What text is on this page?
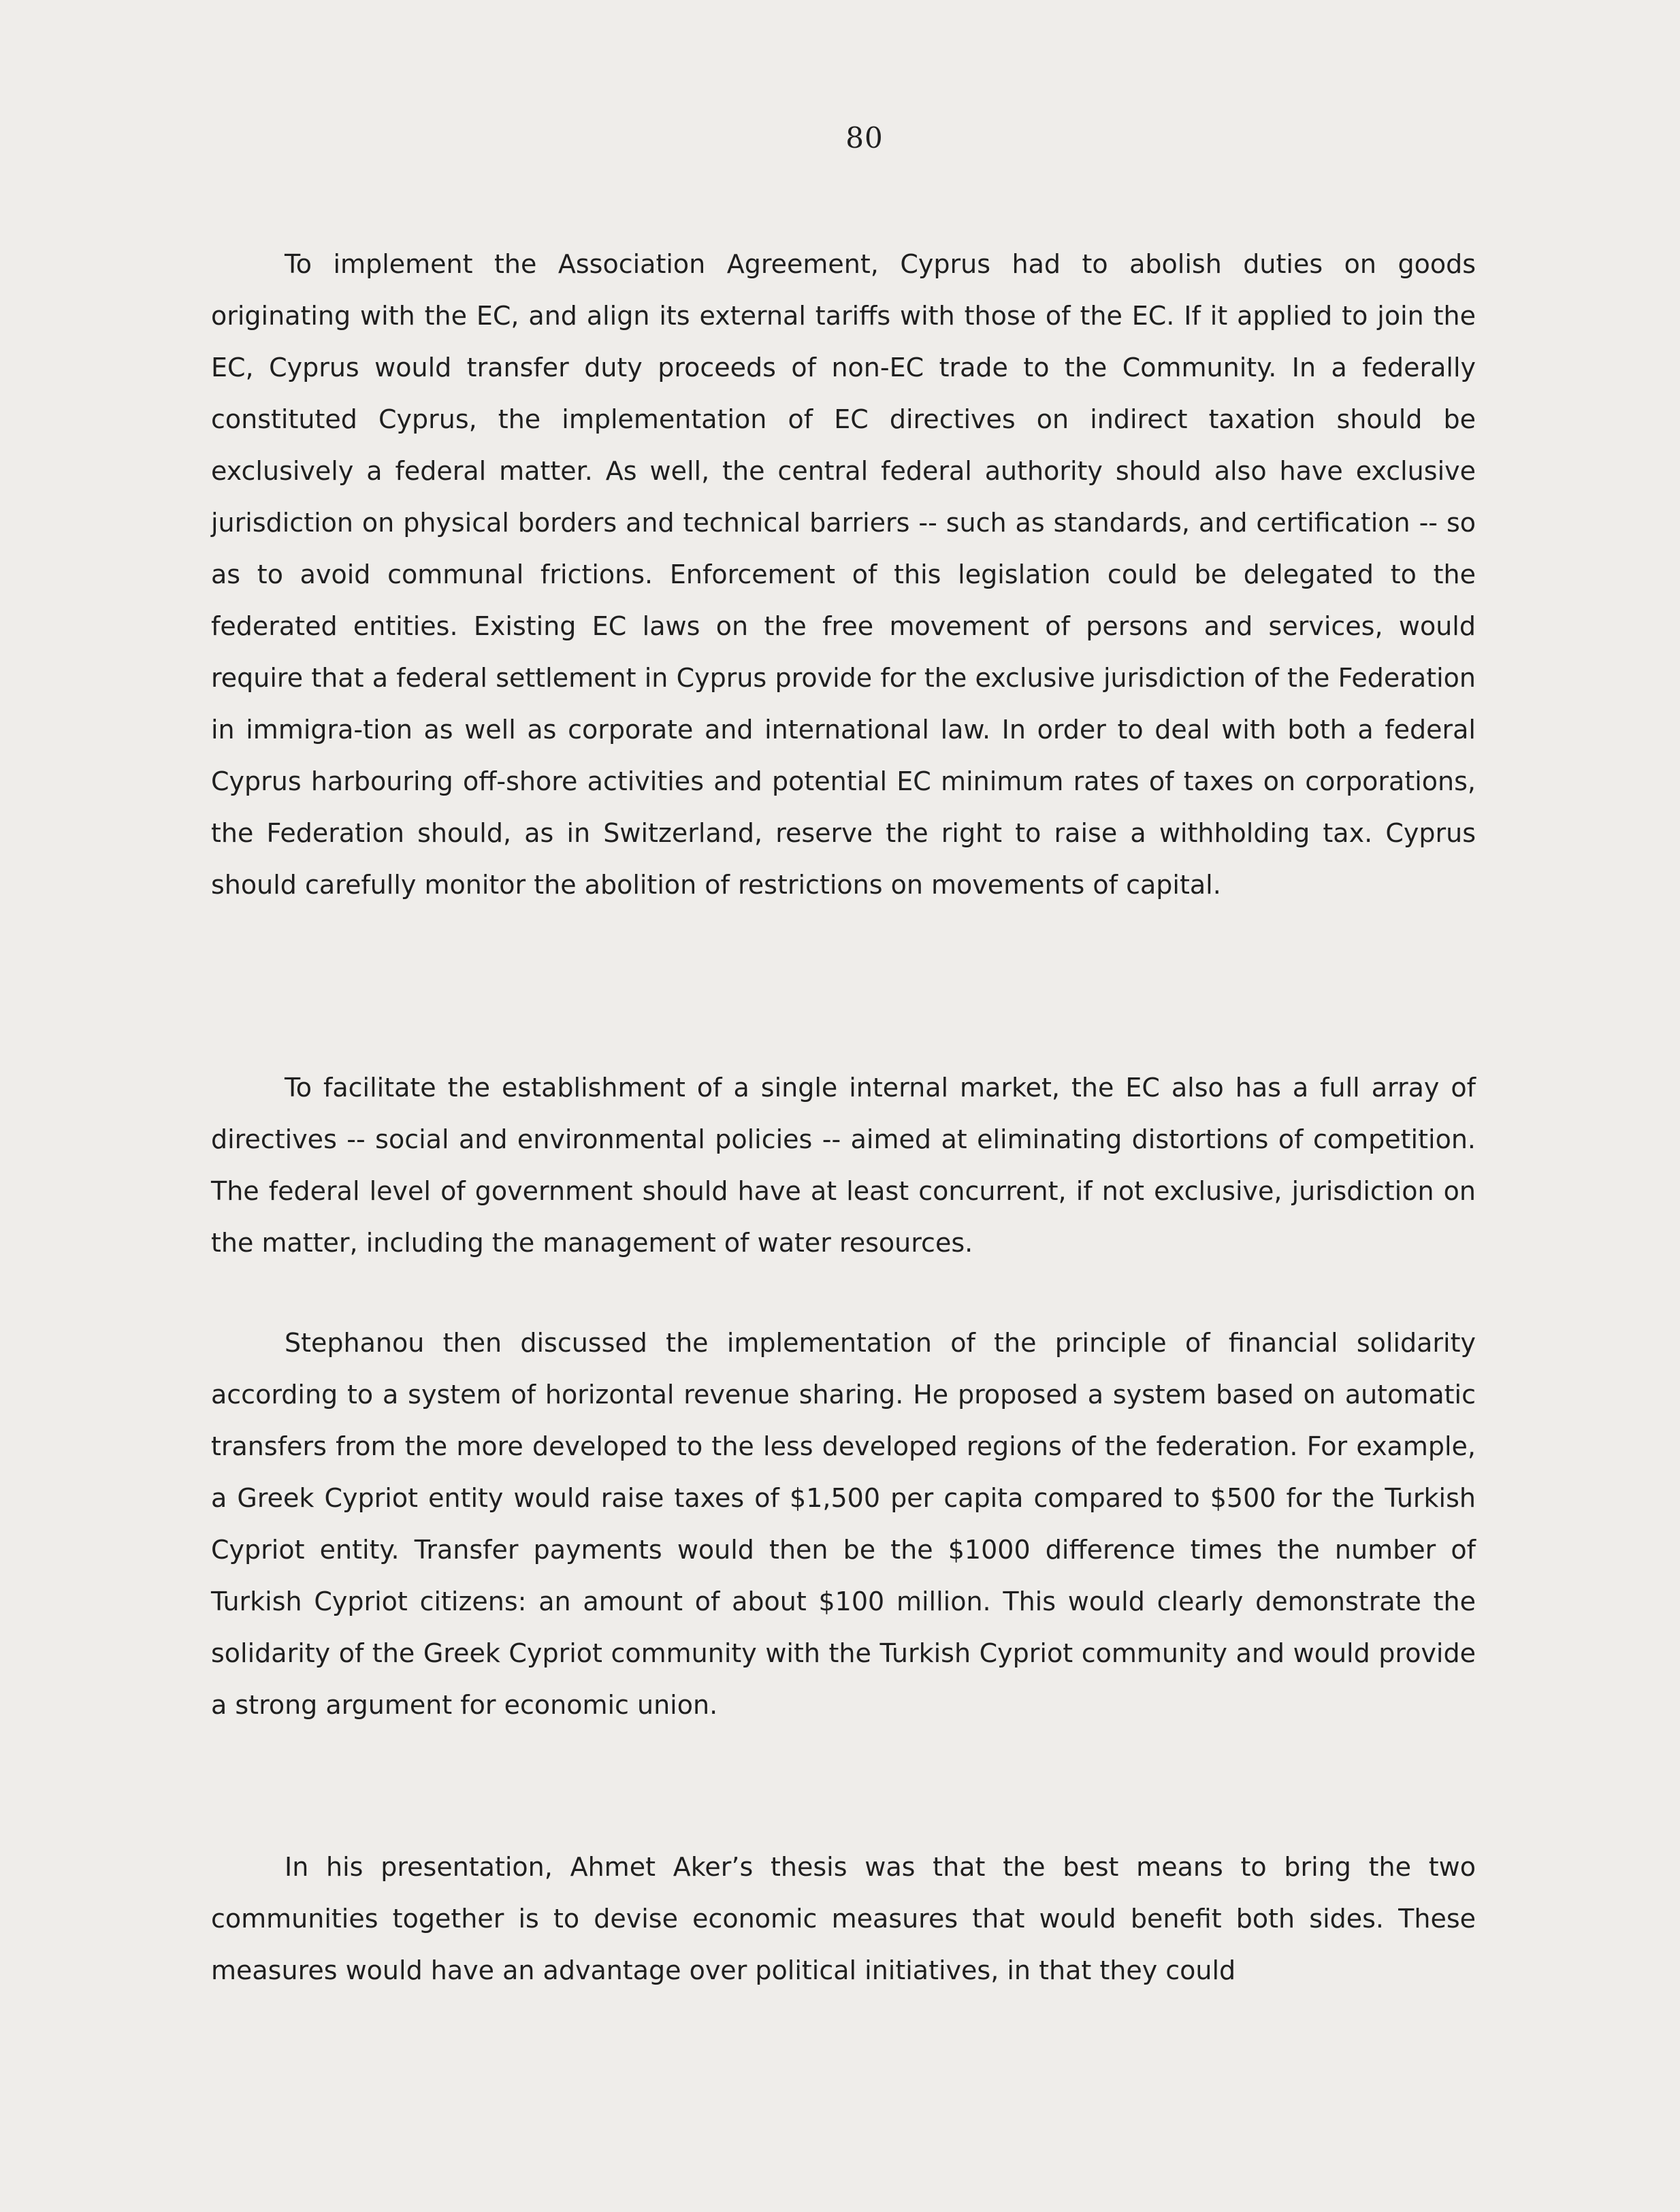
80

To implement the Association Agreement, Cyprus had to abolish duties on goods originating with the EC, and align its external tariffs with those of the EC. If it applied to join the EC, Cyprus would transfer duty proceeds of non-EC trade to the Community. In a federally constituted Cyprus, the implementation of EC directives on indirect taxation should be exclusively a federal matter. As well, the central federal authority should also have exclusive jurisdiction on physical borders and technical barriers -- such as standards, and certification -- so as to avoid communal frictions. Enforcement of this legislation could be delegated to the federated entities. Existing EC laws on the free movement of persons and services, would require that a federal settlement in Cyprus provide for the exclusive jurisdiction of the Federation in immigra-tion as well as corporate and international law. In order to deal with both a federal Cyprus harbouring off-shore activities and potential EC minimum rates of taxes on corporations, the Federation should, as in Switzerland, reserve the right to raise a withholding tax. Cyprus should carefully monitor the abolition of restrictions on movements of capital.

To facilitate the establishment of a single internal market, the EC also has a full array of directives -- social and environmental policies -- aimed at eliminating distortions of competition. The federal level of government should have at least concurrent, if not exclusive, jurisdiction on the matter, including the management of water resources.

Stephanou then discussed the implementation of the principle of financial solidarity according to a system of horizontal revenue sharing. He proposed a system based on automatic transfers from the more developed to the less developed regions of the federation. For example, a Greek Cypriot entity would raise taxes of $1,500 per capita compared to $500 for the Turkish Cypriot entity. Transfer payments would then be the $1000 difference times the number of Turkish Cypriot citizens: an amount of about $100 million. This would clearly demonstrate the solidarity of the Greek Cypriot community with the Turkish Cypriot community and would provide a strong argument for economic union.

In his presentation, Ahmet Aker’s thesis was that the best means to bring the two communities together is to devise economic measures that would benefit both sides. These measures would have an advantage over political initiatives, in that they could
